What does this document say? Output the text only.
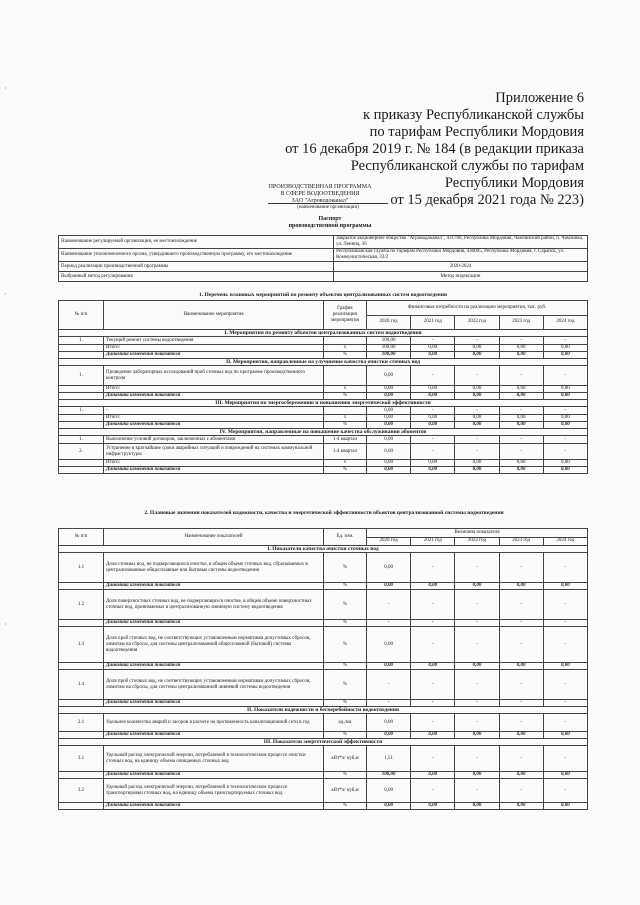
Приложение 6
к приказу Республиканской службы
по тарифам Республики Мордовия
от 16 декабря 2019 г. № 184 (в редакции приказа
Республиканской службы по тарифам
Республики Мордовия
от 15 декабря 2021 года № 223)
ПРОИЗВОДСТВЕННАЯ ПРОГРАММА
В СФЕРЕ ВОДООТВЕДЕНИЯ
ЗАО "Агроводоканал"
(наименование организации)
Паспорт
производственной программы
Наименование регулируемой организации, ее местонахождение	Закрытое акционерное общество "Агроводоканал", 431700, Республика Мордовия, Чамзинский район, п. Чамзинка, ул. Ленина, 36
Наименование уполномоченного органа, утвердившего производственную программу, его местонахождение	Республиканская служба по тарифам Республики Мордовия, 430005, Республика Мордовия, г. Саранск, ул. Коммунистическая, 33/2
Период реализации производственной программы	2020-2024
Выбранный метод регулирования	Метод индексации
1. Перечень плановых мероприятий по ремонту объектов централизованных систем водоотведения
№ п/п	Наименование мероприятия	График реализации мероприятия	Финансовые потребности на реализацию мероприятия, тыс. руб.				
			2020 год	2021 год	2022 год	2023 год	2024 год
I. Мероприятия по ремонту объектов централизованных систем водоотведения							
1.	Текущий ремонт системы водоотведения		100,00	-	-	-	-
	Итого:	x	100,00	0,00	0,00	0,00	0,00
	Динамика изменения показателя	%	100,00	0,00	0,00	0,00	0,00
II. Мероприятия, направленные на улучшение качества очистки сточных вод							
1.	Проведение лабораторных исследований проб сточных вод по программе производственного контроля		0,00	-	-	-	-
	Итого:	x	0,00	0,00	0,00	0,00	0,00
	Динамика изменения показателя	%	0,00	0,00	0,00	0,00	0,00
III. Мероприятия по энергосбережению и повышению энергетической эффективности							
1.	-		0,00	-	-	-	-
	Итого:	x	0,00	0,00	0,00	0,00	0,00
	Динамика изменения показателя	%	0,00	0,00	0,00	0,00	0,00
IV. Мероприятия, направленные на повышение качества обслуживания абонентов							
1.	Выполнение условий договоров, заключенных с абонентами	1-4 квартал	0,00	-	-	-	-
2.	Устранение в кратчайшие сроки аварийных ситуаций и повреждений на системах коммунальной инфраструктуры	1-4 квартал	0,00	-	-	-	-
	Итого:	x	0,00	0,00	0,00	0,00	0,00
	Динамика изменения показателя	%	0,00	0,00	0,00	0,00	0,00
2. Плановые значения показателей надежности, качества и энергетической эффективности объектов централизованной системы водоотведения
№ п/п	Наименование показателей	Ед. изм.	Величина показателя				
			2020 год	2021 год	2022 год	2023 год	2024 год
I. Показатели качества очистки сточных вод							
1.1	Доля сточных вод, не подвергающихся очистке, в общем объеме сточных вод, сбрасываемых в централизованные общесплавные или бытовые системы водоотведения	%	0,00	-	-	-	-
	Динамика изменения показателя	%	0,00	0,00	0,00	0,00	0,00
1.2	Доля поверхностных сточных вод, не подвергающихся очистке, в общем объеме поверхностных сточных вод, принимаемых в централизованную ливневую систему водоотведения	%	-	-	-	-	-
	Динамика изменения показателя	%	-	-	-	-	-
1.3	Доля проб сточных вод, не соответствующих установленным нормативам допустимых сбросов, лимитам на сбросы, для системы централизованной общесплавной (бытовой) системы водоотведения	%	0,00	-	-	-	-
	Динамика изменения показателя	%	0,00	0,00	0,00	0,00	0,00
1.4	Доля проб сточных вод, не соответствующих установленным нормативам допустимых сбросов, лимитам на сбросы, для системы централизованной ливневой системы водоотведения	%	-	-	-	-	-
	Динамика изменения показателя	%	-	-	-	-	-
II. Показатели надежности и бесперебойности водоотведения							
2.1	Удельное количество аварий и засоров в расчете на протяженность канализационной сети в год	ед./км	0,00	-	-	-	-
	Динамика изменения показателя	%	0,00	0,00	0,00	0,00	0,00
III. Показатели энергетической эффективности							
3.1	Удельный расход электрической энергии, потребляемой в технологическом процессе очистки сточных вод, на единицу объема очищаемых сточных вод	кВт*ч/ куб.м	1,51	-	-	-	-
	Динамика изменения показателя	%	100,00	0,00	0,00	0,00	0,00
3.2	Удельный расход электрической энергии, потребляемой в технологическом процессе транспортировки сточных вод, на единицу объема транспортируемых сточных вод	кВт*ч/ куб.м	0,00	-	-	-	-
	Динамика изменения показателя	%	0,00	0,00	0,00	0,00	0,00
·
·
·
